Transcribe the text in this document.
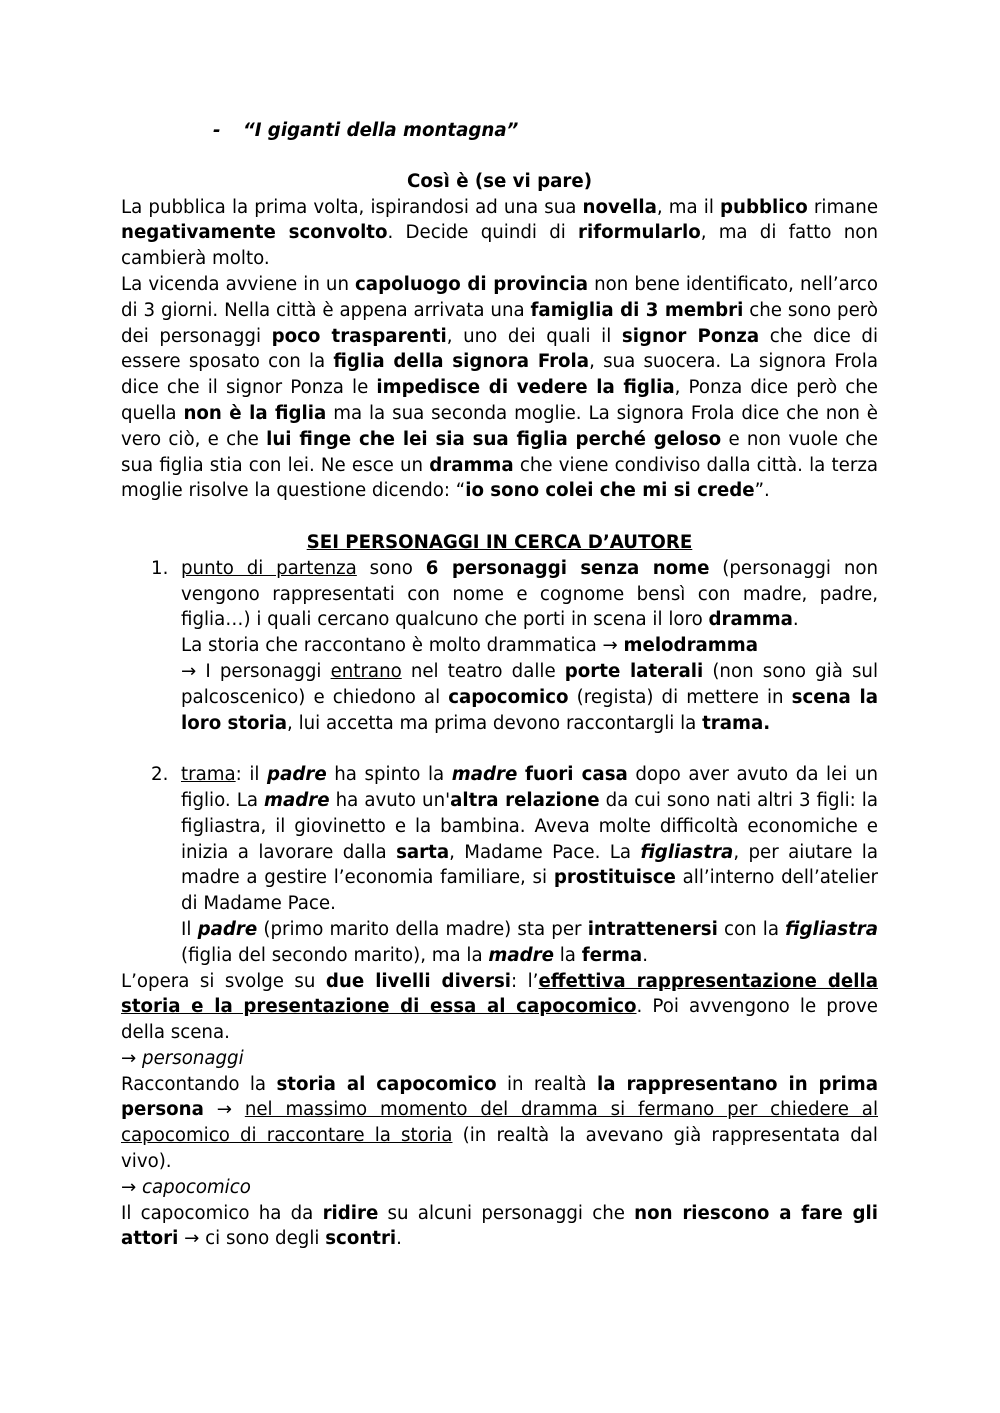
- “I giganti della montagna”

Così è (se vi pare)

La pubblica la prima volta, ispirandosi ad una sua novella, ma il pubblico rimane negativamente sconvolto. Decide quindi di riformularlo, ma di fatto non cambierà molto.

La vicenda avviene in un capoluogo di provincia non bene identificato, nell’arco di 3 giorni. Nella città è appena arrivata una famiglia di 3 membri che sono però dei personaggi poco trasparenti, uno dei quali il signor Ponza che dice di essere sposato con la figlia della signora Frola, sua suocera. La signora Frola dice che il signor Ponza le impedisce di vedere la figlia, Ponza dice però che quella non è la figlia ma la sua seconda moglie. La signora Frola dice che non è vero ciò, e che lui finge che lei sia sua figlia perché geloso e non vuole che sua figlia stia con lei. Ne esce un dramma che viene condiviso dalla città. la terza moglie risolve la questione dicendo: “io sono colei che mi si crede”.

SEI PERSONAGGI IN CERCA D’AUTORE

1. punto di partenza sono 6 personaggi senza nome (personaggi non vengono rappresentati con nome e cognome bensì con madre, padre, figlia…) i quali cercano qualcuno che porti in scena il loro dramma.

La storia che raccontano è molto drammatica → melodramma

→ I personaggi entrano nel teatro dalle porte laterali (non sono già sul palcoscenico) e chiedono al capocomico (regista) di mettere in scena la loro storia, lui accetta ma prima devono raccontargli la trama.

2. trama: il padre ha spinto la madre fuori casa dopo aver avuto da lei un figlio. La madre ha avuto un'altra relazione da cui sono nati altri 3 figli: la figliastra, il giovinetto e la bambina. Aveva molte difficoltà economiche e inizia a lavorare dalla sarta, Madame Pace. La figliastra, per aiutare la madre a gestire l’economia familiare, si prostituisce all’interno dell’atelier di Madame Pace.

Il padre (primo marito della madre) sta per intrattenersi con la figliastra (figlia del secondo marito), ma la madre la ferma.

L’opera si svolge su due livelli diversi: l’effettiva rappresentazione della storia e la presentazione di essa al capocomico. Poi avvengono le prove della scena.

→ personaggi

Raccontando la storia al capocomico in realtà la rappresentano in prima persona → nel massimo momento del dramma si fermano per chiedere al capocomico di raccontare la storia (in realtà la avevano già rappresentata dal vivo).

→ capocomico

Il capocomico ha da ridire su alcuni personaggi che non riescono a fare gli attori → ci sono degli scontri.
